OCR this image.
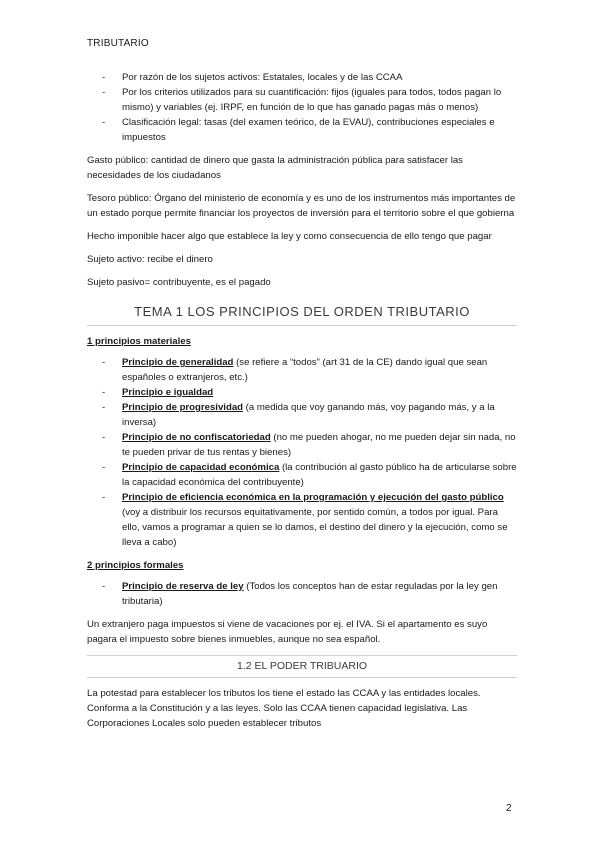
TRIBUTARIO
- Por razón de los sujetos activos: Estatales, locales y de las CCAA
- Por los criterios utilizados para su cuantificación: fijos (iguales para todos, todos pagan lo mismo) y variables (ej. IRPF, en función de lo que has ganado pagas más o menos)
- Clasificación legal: tasas (del examen teórico, de la EVAU), contribuciones especiales e impuestos

Gasto público: cantidad de dinero que gasta la administración pública para satisfacer las necesidades de los ciudadanos

Tesoro público: Órgano del ministerio de economía y es uno de los instrumentos más importantes de un estado porque permite financiar los proyectos de inversión para el territorio sobre el que gobierna

Hecho imponible hacer algo que establece la ley y como consecuencia de ello tengo que pagar

Sujeto activo: recibe el dinero

Sujeto pasivo= contribuyente, es el pagado

TEMA 1 LOS PRINCIPIOS DEL ORDEN TRIBUTARIO

1 principios materiales

- Principio de generalidad (se refiere a “todos” (art 31 de la CE) dando igual que sean españoles o extranjeros, etc.)
- Principio e igualdad
- Principio de progresividad (a medida que voy ganando más, voy pagando más, y a la inversa)
- Principio de no confiscatoriedad (no me pueden ahogar, no me pueden dejar sin nada, no te pueden privar de tus rentas y bienes)
- Principio de capacidad económica (la contribución al gasto público ha de articularse sobre la capacidad económica del contribuyente)
- Principio de eficiencia económica en la programación y ejecución del gasto público (voy a distribuir los recursos equitativamente, por sentido común, a todos por igual. Para ello, vamos a programar a quien se lo damos, el destino del dinero y la ejecución, como se lleva a cabo)

2 principios formales

- Principio de reserva de ley (Todos los conceptos han de estar reguladas por la ley gen tributaria)

Un extranjero paga impuestos si viene de vacaciones por ej. el IVA. Si el apartamento es suyo pagara el impuesto sobre bienes inmuebles, aunque no sea español.

1.2 EL PODER TRIBUARIO

La potestad para establecer los tributos los tiene el estado las CCAA y las entidades locales. Conforma a la Constitución y a las leyes. Solo las CCAA tienen capacidad legislativa. Las Corporaciones Locales solo pueden establecer tributos

2
